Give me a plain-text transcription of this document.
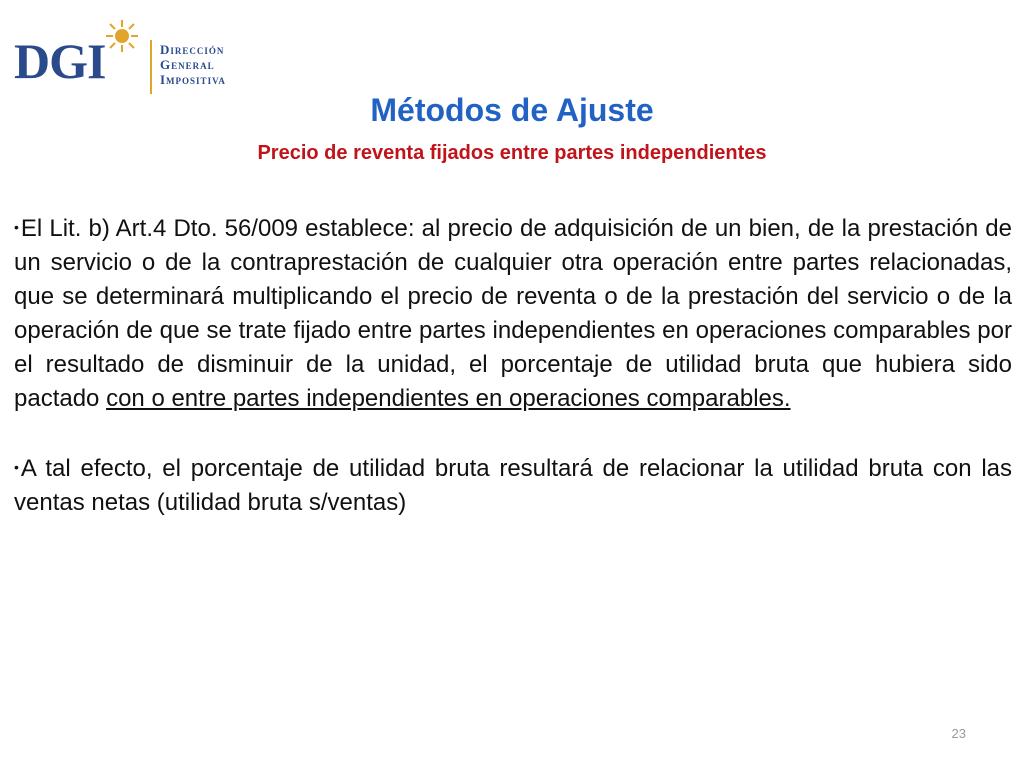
DGI	Dirección
General
Impositiva
Métodos de Ajuste
Precio de reventa fijados entre partes independientes

•El Lit. b) Art.4 Dto. 56/009 establece: al precio de adquisición de un bien, de la prestación de un servicio o de la contraprestación de cualquier otra operación entre partes relacionadas, que se determinará multiplicando el precio de reventa o de la prestación del servicio o de la operación de que se trate fijado entre partes independientes en operaciones comparables por el resultado de disminuir de la unidad, el porcentaje de utilidad bruta que hubiera sido pactado con o entre partes independientes en operaciones comparables.

•A tal efecto, el porcentaje de utilidad bruta resultará de relacionar la utilidad bruta con las ventas netas (utilidad bruta s/ventas)

23
